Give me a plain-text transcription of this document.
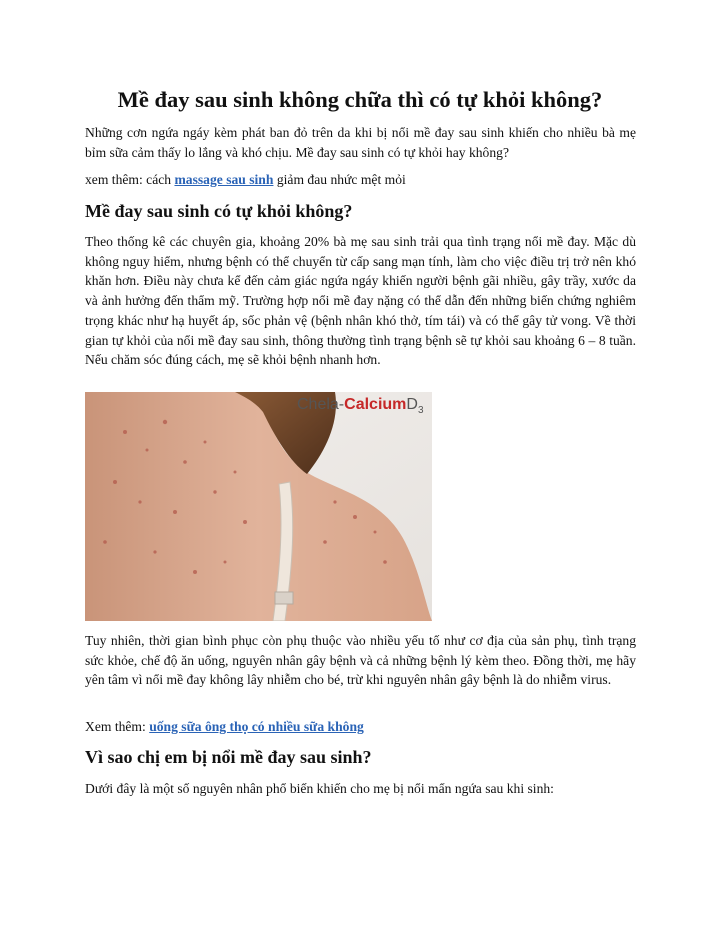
Mề đay sau sinh không chữa thì có tự khỏi không?

Những cơn ngứa ngáy kèm phát ban đỏ trên da khi bị nổi mề đay sau sinh khiến cho nhiều bà mẹ bỉm sữa cảm thấy lo lắng và khó chịu. Mề đay sau sinh có tự khỏi hay không?

xem thêm: cách massage sau sinh giảm đau nhức mệt mỏi

Mề đay sau sinh có tự khỏi không?

Theo thống kê các chuyên gia, khoảng 20% bà mẹ sau sinh trải qua tình trạng nổi mề đay. Mặc dù không nguy hiểm, nhưng bệnh có thể chuyển từ cấp sang mạn tính, làm cho việc điều trị trở nên khó khăn hơn. Điều này chưa kể đến cảm giác ngứa ngáy khiến người bệnh gãi nhiều, gây trầy, xước da và ảnh hưởng đến thẩm mỹ. Trường hợp nổi mề đay nặng có thể dẫn đến những biến chứng nghiêm trọng khác như hạ huyết áp, sốc phản vệ (bệnh nhân khó thở, tím tái) và có thể gây tử vong. Về thời gian tự khỏi của nổi mề đay sau sinh, thông thường tình trạng bệnh sẽ tự khỏi sau khoảng 6 – 8 tuần. Nếu chăm sóc đúng cách, mẹ sẽ khỏi bệnh nhanh hơn.

Chela-CalciumD$_3$

Tuy nhiên, thời gian bình phục còn phụ thuộc vào nhiều yếu tố như cơ địa của sản phụ, tình trạng sức khỏe, chế độ ăn uống, nguyên nhân gây bệnh và cả những bệnh lý kèm theo. Đồng thời, mẹ hãy yên tâm vì nổi mề đay không lây nhiễm cho bé, trừ khi nguyên nhân gây bệnh là do nhiễm virus.

Xem thêm: uống sữa ông thọ có nhiều sữa không

Vì sao chị em bị nổi mề đay sau sinh?

Dưới đây là một số nguyên nhân phổ biến khiến cho mẹ bị nổi mẩn ngứa sau khi sinh:
